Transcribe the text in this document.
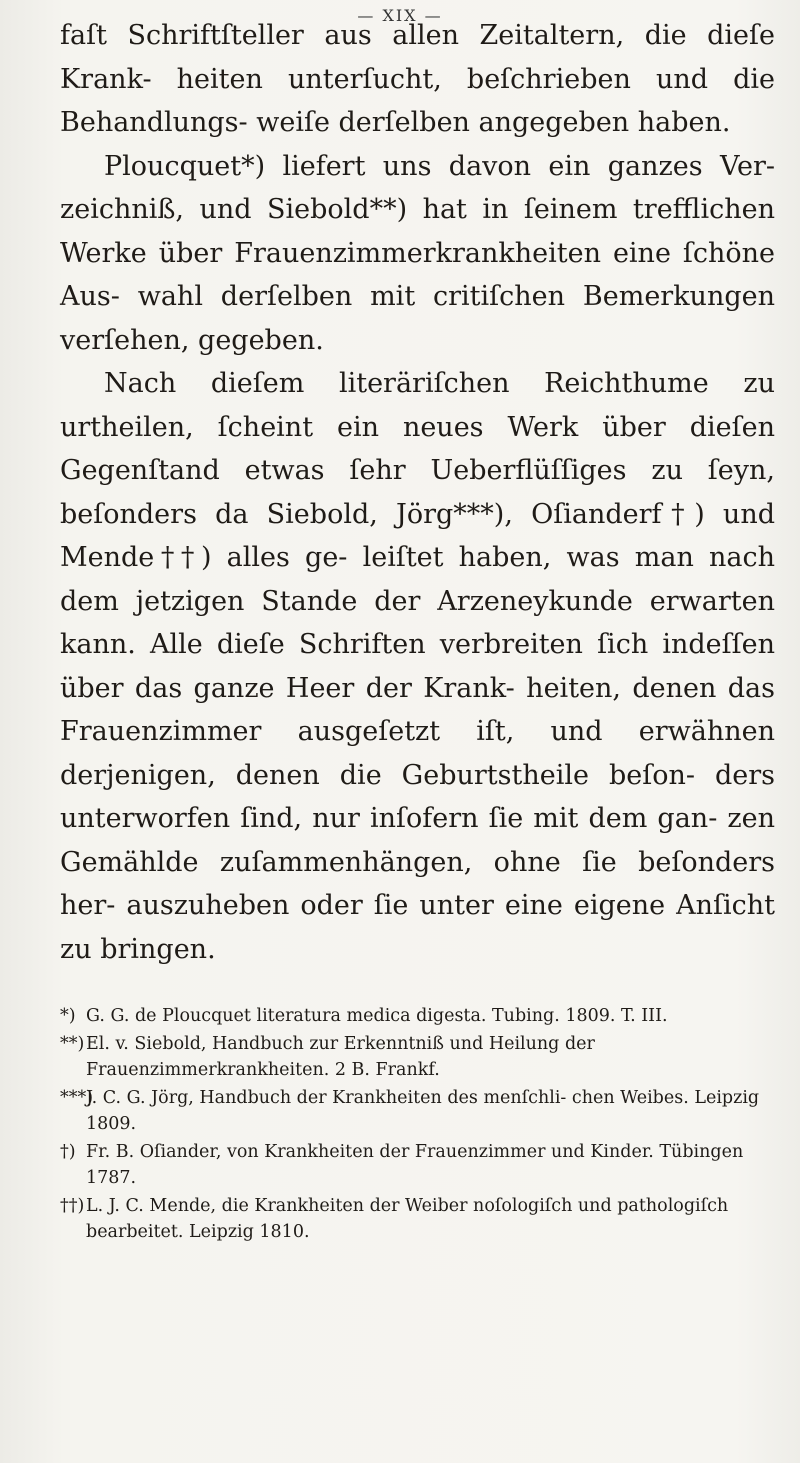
— XIX —

faſt Schriftſteller aus allen Zeitaltern, die dieſe Krank- heiten unterſucht, beſchrieben und die Behandlungs- weiſe derſelben angegeben haben.

Ploucquet*) liefert uns davon ein ganzes Ver- zeichniß, und Siebold**) hat in ſeinem trefflichen Werke über Frauenzimmerkrankheiten eine ſchöne Aus- wahl derſelben mit critiſchen Bemerkungen verſehen, gegeben.

Nach dieſem literäriſchen Reichthume zu urtheilen, ſcheint ein neues Werk über dieſen Gegenſtand etwas ſehr Ueberflüſſiges zu ſeyn, beſonders da Siebold, Jörg***), Oſianderf†) und Mende††) alles ge- leiſtet haben, was man nach dem jetzigen Stande der Arzeneykunde erwarten kann. Alle dieſe Schriften verbreiten ſich indeſſen über das ganze Heer der Krank- heiten, denen das Frauenzimmer ausgeſetzt iſt, und erwähnen derjenigen, denen die Geburtstheile beſon- ders unterworfen ſind, nur inſofern ſie mit dem gan- zen Gemählde zuſammenhängen, ohne ſie beſonders her- auszuheben oder ſie unter eine eigene Anſicht zu bringen.

*) G. G. de Ploucquet literatura medica digesta. Tubing. 1809. T. III.

**)El. v. Siebold, Handbuch zur Erkenntniß und Heilung der Frauenzimmerkrankheiten. 2 B. Frankf.

***)J. C. G. Jörg, Handbuch der Krankheiten des menſchli- chen Weibes. Leipzig 1809.

†) Fr. B. Oſiander, von Krankheiten der Frauenzimmer und Kinder. Tübingen 1787.

††)L. J. C. Mende, die Krankheiten der Weiber noſologiſch und pathologiſch bearbeitet. Leipzig 1810.
